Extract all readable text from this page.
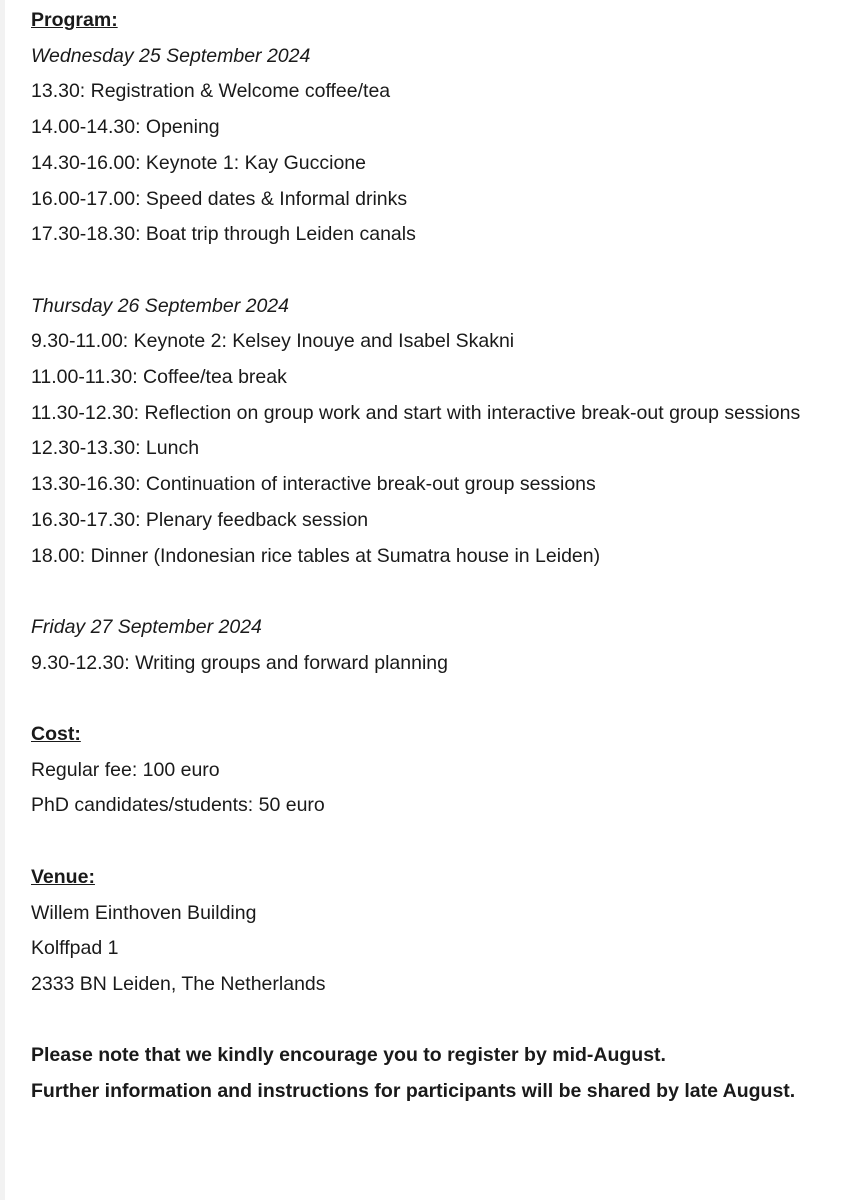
Program:
Wednesday 25 September 2024
13.30: Registration & Welcome coffee/tea
14.00-14.30: Opening
14.30-16.00: Keynote 1: Kay Guccione
16.00-17.00: Speed dates & Informal drinks
17.30-18.30: Boat trip through Leiden canals
Thursday 26 September 2024
9.30-11.00: Keynote 2: Kelsey Inouye and Isabel Skakni
11.00-11.30: Coffee/tea break
11.30-12.30: Reflection on group work and start with interactive break-out group sessions
12.30-13.30: Lunch
13.30-16.30: Continuation of interactive break-out group sessions
16.30-17.30: Plenary feedback session
18.00: Dinner (Indonesian rice tables at Sumatra house in Leiden)
Friday 27 September 2024
9.30-12.30: Writing groups and forward planning
Cost:
Regular fee: 100 euro
PhD candidates/students: 50 euro
Venue:
Willem Einthoven Building
Kolffpad 1
2333 BN Leiden, The Netherlands
Please note that we kindly encourage you to register by mid-August.
Further information and instructions for participants will be shared by late August.
